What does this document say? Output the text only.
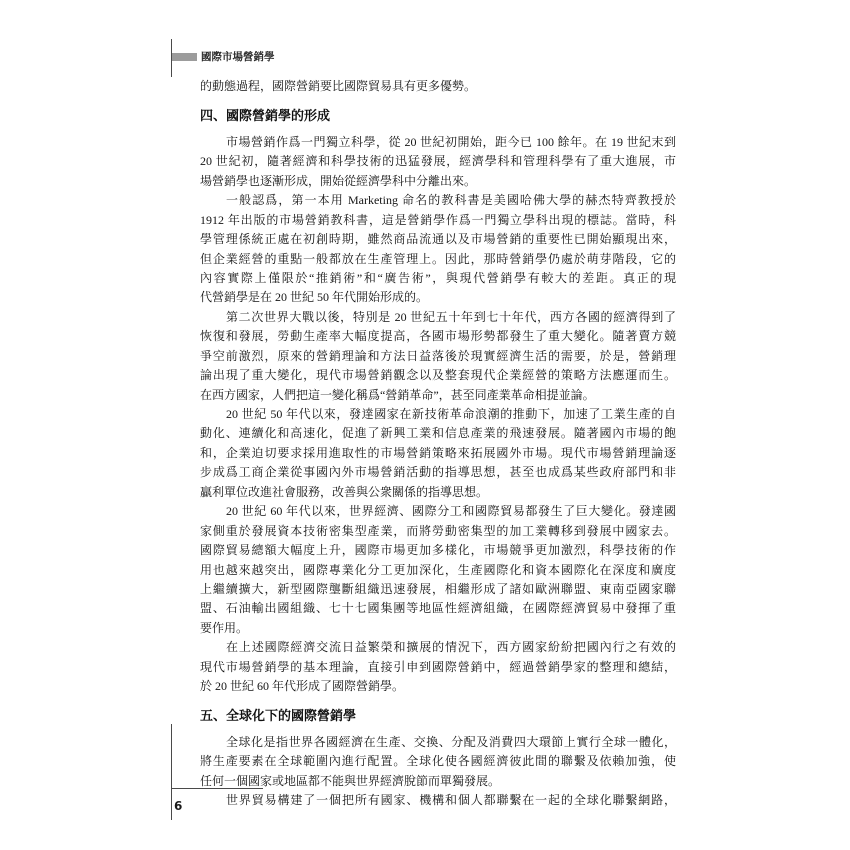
國際市場營銷學
的動態過程，國際營銷要比國際貿易具有更多優勢。
四、國際營銷學的形成
市場營銷作爲一門獨立科學，從 20 世紀初開始，距今已 100 餘年。在 19 世紀末到
20 世紀初，隨著經濟和科學技術的迅猛發展，經濟學科和管理科學有了重大進展，市
場營銷學也逐漸形成，開始從經濟學科中分離出來。
一般認爲，第一本用 Marketing 命名的教科書是美國哈佛大學的赫杰特齊教授於
1912 年出版的市場營銷教科書，這是營銷學作爲一門獨立學科出現的標誌。當時，科
學管理係統正處在初創時期，雖然商品流通以及市場營銷的重要性已開始顯現出來，
但企業經營的重點一般都放在生產管理上。因此，那時營銷學仍處於萌芽階段，它的
內容實際上僅限於“推銷術”和“廣告術”，與現代營銷學有較大的差距。真正的現
代營銷學是在 20 世紀 50 年代開始形成的。
第二次世界大戰以後，特別是 20 世紀五十年到七十年代，西方各國的經濟得到了
恢復和發展，勞動生產率大幅度提高，各國市場形勢都發生了重大變化。隨著賣方競
爭空前激烈，原來的營銷理論和方法日益落後於現實經濟生活的需要，於是，營銷理
論出現了重大變化，現代市場營銷觀念以及整套現代企業經營的策略方法應運而生。
在西方國家，人們把這一變化稱爲“營銷革命”，甚至同產業革命相提並論。
20 世紀 50 年代以來，發達國家在新技術革命浪潮的推動下，加速了工業生產的自
動化、連續化和高速化，促進了新興工業和信息產業的飛速發展。隨著國內市場的飽
和，企業迫切要求採用進取性的市場營銷策略來拓展國外市場。現代市場營銷理論逐
步成爲工商企業從事國內外市場營銷活動的指導思想，甚至也成爲某些政府部門和非
贏利單位改進社會服務，改善與公衆關係的指導思想。
20 世紀 60 年代以來，世界經濟、國際分工和國際貿易都發生了巨大變化。發達國
家側重於發展資本技術密集型產業，而將勞動密集型的加工業轉移到發展中國家去。
國際貿易總額大幅度上升，國際市場更加多樣化，市場競爭更加激烈，科學技術的作
用也越來越突出，國際專業化分工更加深化，生產國際化和資本國際化在深度和廣度
上繼續擴大，新型國際壟斷組織迅速發展，相繼形成了諸如歐洲聯盟、東南亞國家聯
盟、石油輸出國組織、七十七國集團等地區性經濟組織，在國際經濟貿易中發揮了重
要作用。
在上述國際經濟交流日益繁榮和擴展的情況下，西方國家紛紛把國內行之有效的
現代市場營銷學的基本理論，直接引申到國際營銷中，經過營銷學家的整理和總結，
於 20 世紀 60 年代形成了國際營銷學。
五、全球化下的國際營銷學
全球化是指世界各國經濟在生產、交換、分配及消費四大環節上實行全球一體化，
將生產要素在全球範圍內進行配置。全球化使各國經濟彼此間的聯繫及依賴加強，使
任何一個國家或地區都不能與世界經濟脫節而單獨發展。
世界貿易構建了一個把所有國家、機構和個人都聯繫在一起的全球化聯繫網路，
6
